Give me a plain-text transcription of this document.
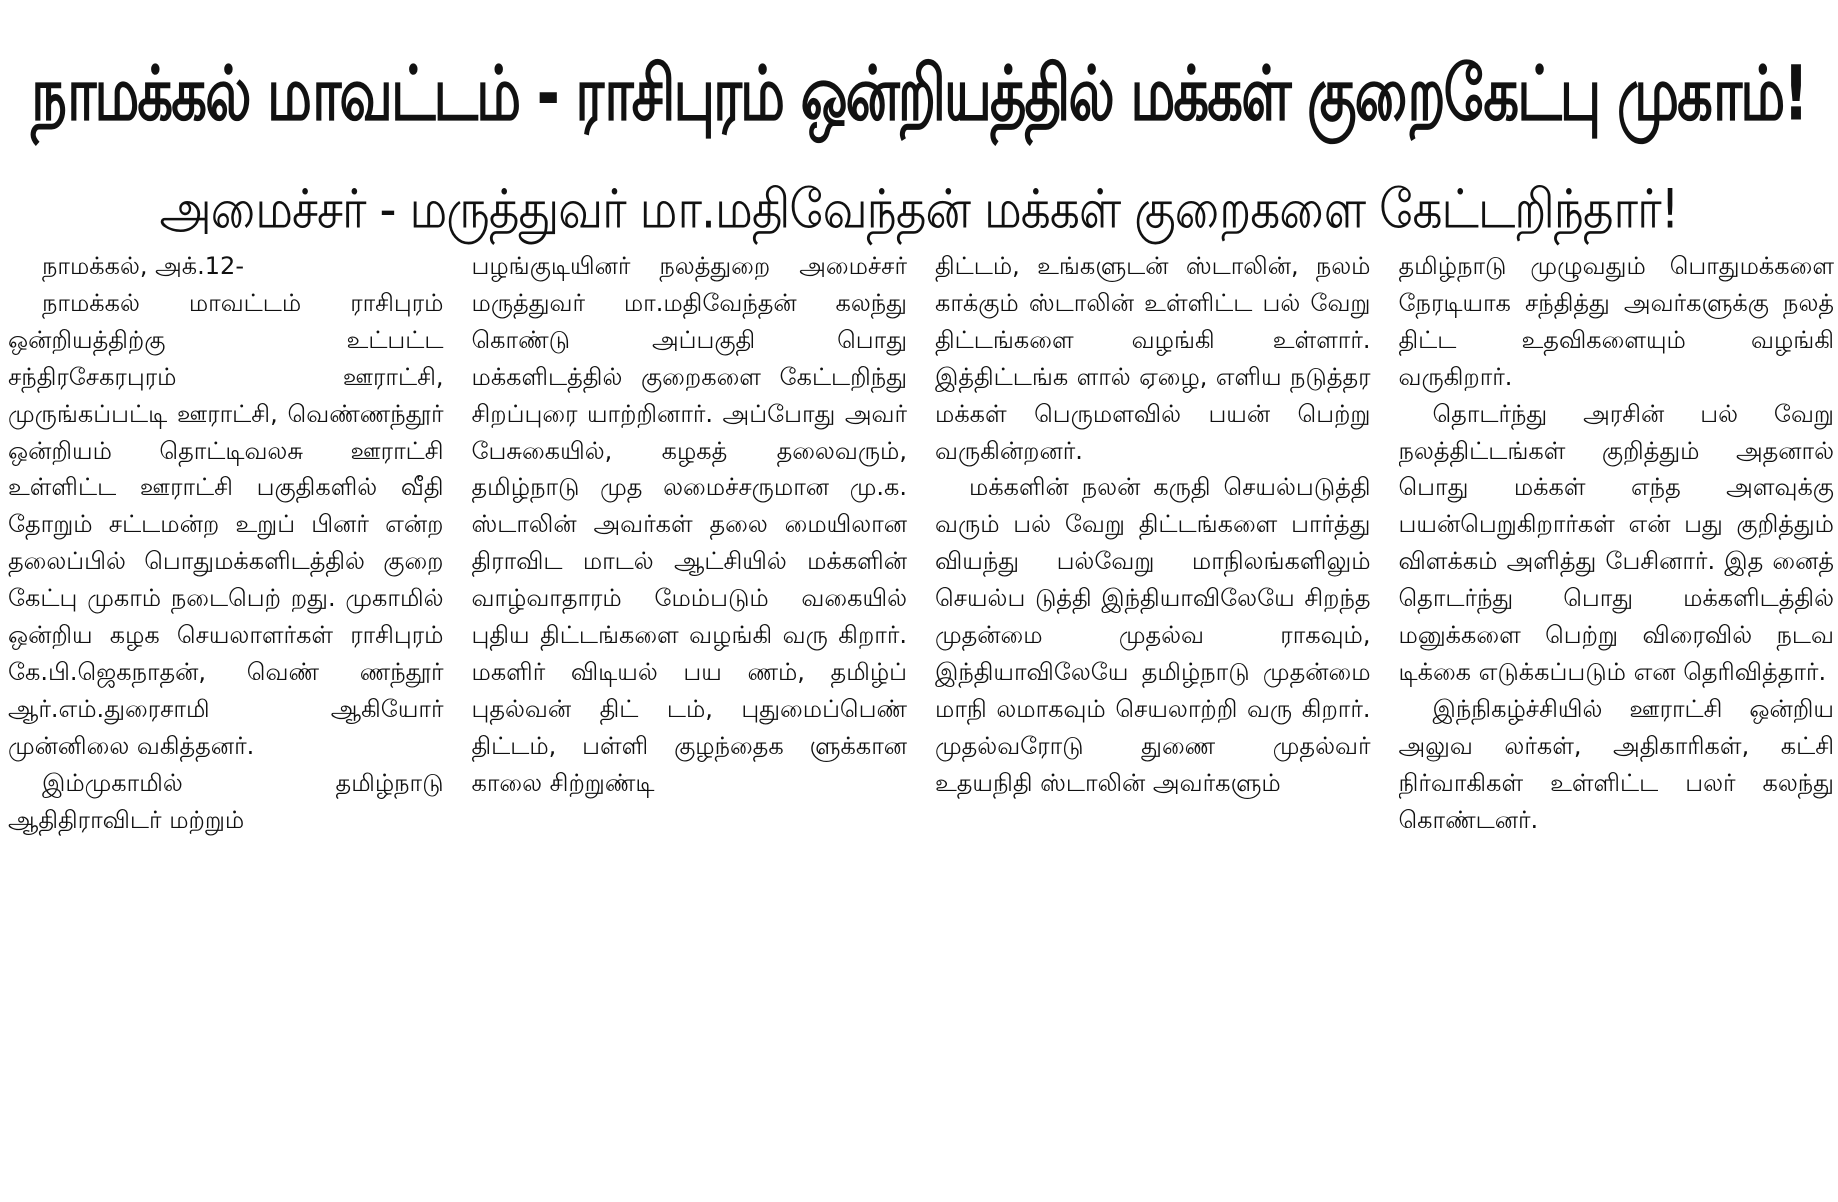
நாமக்கல் மாவட்டம் - ராசிபுரம் ஒன்றியத்தில் மக்கள் குறைகேட்பு முகாம்!
அமைச்சர் - மருத்துவர் மா.மதிவேந்தன் மக்கள் குறைகளை கேட்டறிந்தார்!

நாமக்கல், அக்.12-

நாமக்கல் மாவட்டம் ராசிபுரம் ஒன்றியத்திற்கு உட்பட்ட சந்திரசேகரபுரம் ஊராட்சி, முருங்கப்பட்டி ஊராட்சி, வெண்ணந்தூர் ஒன்றியம் தொட்டிவலசு ஊராட்சி உள்ளிட்ட ஊராட்சி பகுதிகளில் வீதி தோறும் சட்டமன்ற உறுப் பினர் என்ற தலைப்பில் பொதுமக்களிடத்தில் குறை கேட்பு முகாம் நடைபெற் றது. முகாமில் ஒன்றிய கழக செயலாளர்கள் ராசிபுரம் கே.பி.ஜெகநாதன், வெண் ணந்தூர் ஆர்.எம்.துரைசாமி ஆகியோர் முன்னிலை வகித்தனர்.

இம்முகாமில் தமிழ்நாடு ஆதிதிராவிடர் மற்றும்

பழங்குடியினர் நலத்துறை அமைச்சர் மருத்துவர் மா.மதிவேந்தன் கலந்து கொண்டு அப்பகுதி பொது மக்களிடத்தில் குறைகளை கேட்டறிந்து சிறப்புரை யாற்றினார். அப்போது அவர் பேசுகையில், கழகத் தலைவரும், தமிழ்நாடு முத லமைச்சருமான மு.க. ஸ்டாலின் அவர்கள் தலை மையிலான திராவிட மாடல் ஆட்சியில் மக்களின் வாழ்வாதாரம் மேம்படும் வகையில் புதிய திட்டங்களை வழங்கி வரு கிறார். மகளிர் விடியல் பய ணம், தமிழ்ப் புதல்வன் திட் டம், புதுமைப்பெண் திட்டம், பள்ளி குழந்தைக ளுக்கான காலை சிற்றுண்டி

திட்டம், உங்களுடன் ஸ்டாலின், நலம் காக்கும் ஸ்டாலின் உள்ளிட்ட பல் வேறு திட்டங்களை வழங்கி உள்ளார். இத்திட்டங்க ளால் ஏழை, எளிய நடுத்தர மக்கள் பெருமளவில் பயன் பெற்று வருகின்றனர்.

மக்களின் நலன் கருதி செயல்படுத்தி வரும் பல் வேறு திட்டங்களை பார்த்து வியந்து பல்வேறு மாநிலங்களிலும் செயல்ப டுத்தி இந்தியாவிலேயே சிறந்த முதன்மை முதல்வ ராகவும், இந்தியாவிலேயே தமிழ்நாடு முதன்மை மாநி லமாகவும் செயலாற்றி வரு கிறார். முதல்வரோடு துணை முதல்வர் உதயநிதி ஸ்டாலின் அவர்களும்

தமிழ்நாடு முழுவதும் பொதுமக்களை நேரடியாக சந்தித்து அவர்களுக்கு நலத் திட்ட உதவிகளையும் வழங்கி வருகிறார்.

தொடர்ந்து அரசின் பல் வேறு நலத்திட்டங்கள் குறித்தும் அதனால் பொது மக்கள் எந்த அளவுக்கு பயன்பெறுகிறார்கள் என் பது குறித்தும் விளக்கம் அளித்து பேசினார். இத னைத் தொடர்ந்து பொது மக்களிடத்தில் மனுக்களை பெற்று விரைவில் நடவ டிக்கை எடுக்கப்படும் என தெரிவித்தார்.

இந்நிகழ்ச்சியில் ஊராட்சி ஒன்றிய அலுவ லர்கள், அதிகாரிகள், கட்சி நிர்வாகிகள் உள்ளிட்ட பலர் கலந்து கொண்டனர்.
